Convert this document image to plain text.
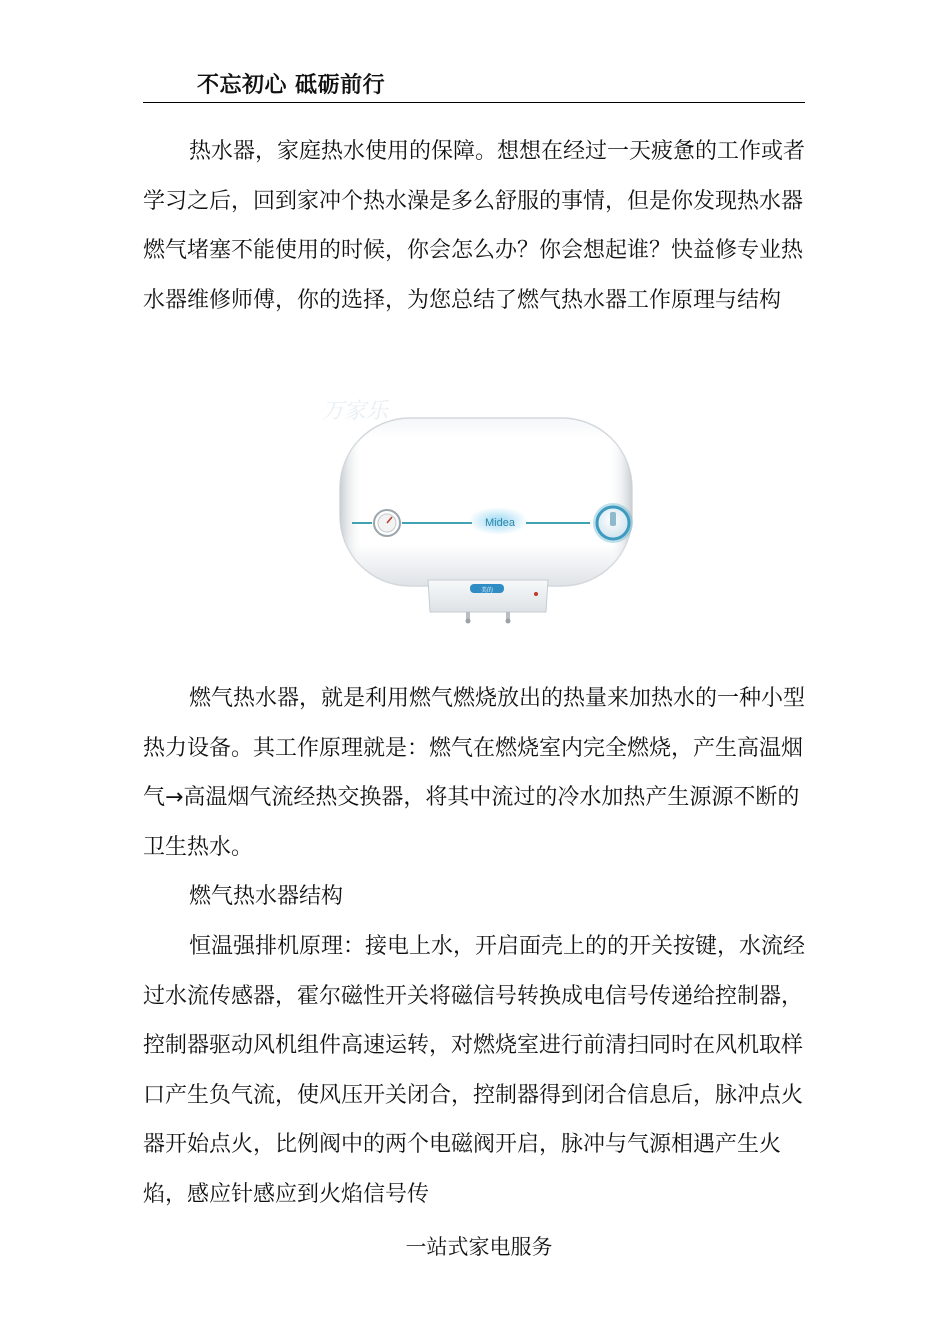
不忘初心 砥砺前行

热水器，家庭热水使用的保障。想想在经过一天疲惫的工作或者学习之后，回到家冲个热水澡是多么舒服的事情，但是你发现热水器燃气堵塞不能使用的时候，你会怎么办？你会想起谁？快益修专业热水器维修师傅，你的选择，为您总结了燃气热水器工作原理与结构

万家乐
Midea
美的

燃气热水器，就是利用燃气燃烧放出的热量来加热水的一种小型热力设备。其工作原理就是：燃气在燃烧室内完全燃烧，产生高温烟气→高温烟气流经热交换器，将其中流过的冷水加热产生源源不断的卫生热水。

燃气热水器结构

恒温强排机原理：接电上水，开启面壳上的的开关按键，水流经过水流传感器，霍尔磁性开关将磁信号转换成电信号传递给控制器，控制器驱动风机组件高速运转，对燃烧室进行前清扫同时在风机取样口产生负气流，使风压开关闭合，控制器得到闭合信息后，脉冲点火器开始点火，比例阀中的两个电磁阀开启，脉冲与气源相遇产生火焰，感应针感应到火焰信号传

一站式家电服务
